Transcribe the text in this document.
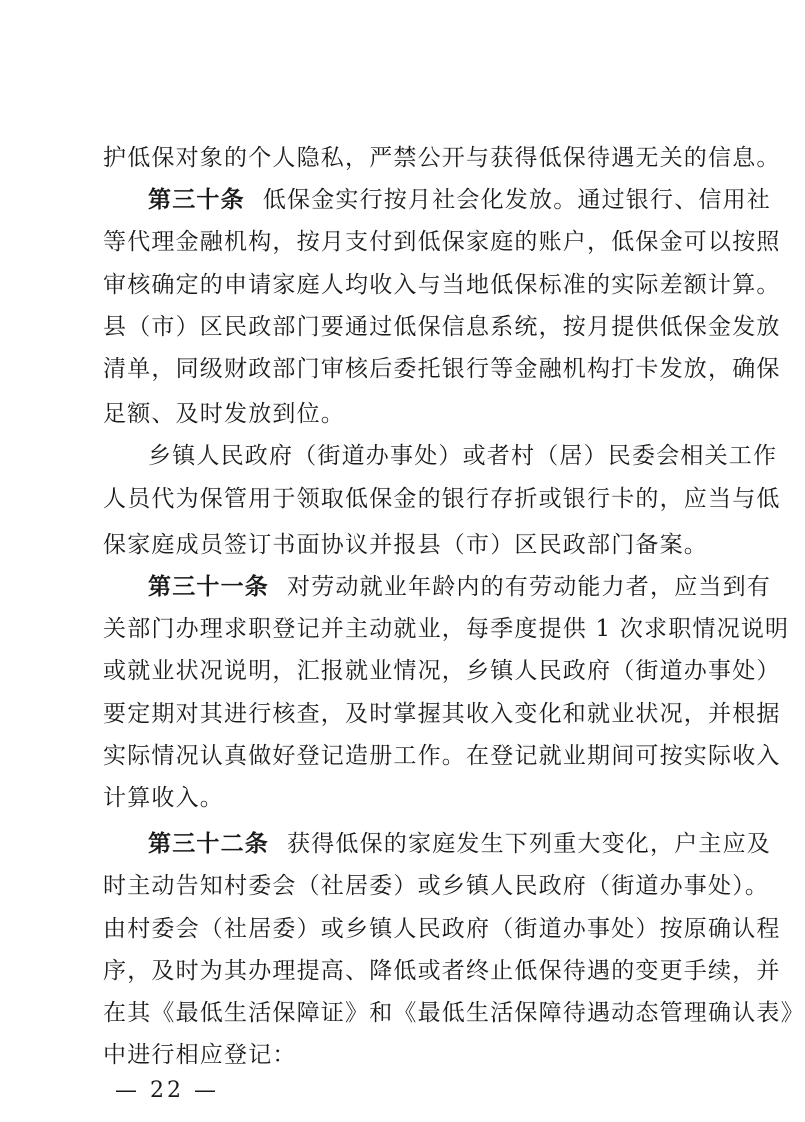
护低保对象的个人隐私，严禁公开与获得低保待遇无关的信息。
第三十条 低保金实行按月社会化发放。通过银行、信用社
等代理金融机构，按月支付到低保家庭的账户，低保金可以按照
审核确定的申请家庭人均收入与当地低保标准的实际差额计算。
县（市）区民政部门要通过低保信息系统，按月提供低保金发放
清单，同级财政部门审核后委托银行等金融机构打卡发放，确保
足额、及时发放到位。
乡镇人民政府（街道办事处）或者村（居）民委会相关工作
人员代为保管用于领取低保金的银行存折或银行卡的，应当与低
保家庭成员签订书面协议并报县（市）区民政部门备案。
第三十一条 对劳动就业年龄内的有劳动能力者，应当到有
关部门办理求职登记并主动就业，每季度提供 1 次求职情况说明
或就业状况说明，汇报就业情况，乡镇人民政府（街道办事处）
要定期对其进行核查，及时掌握其收入变化和就业状况，并根据
实际情况认真做好登记造册工作。在登记就业期间可按实际收入
计算收入。
第三十二条 获得低保的家庭发生下列重大变化，户主应及
时主动告知村委会（社居委）或乡镇人民政府（街道办事处）。
由村委会（社居委）或乡镇人民政府（街道办事处）按原确认程
序，及时为其办理提高、降低或者终止低保待遇的变更手续，并
在其《最低生活保障证》和《最低生活保障待遇动态管理确认表》
中进行相应登记：
— 22 —
